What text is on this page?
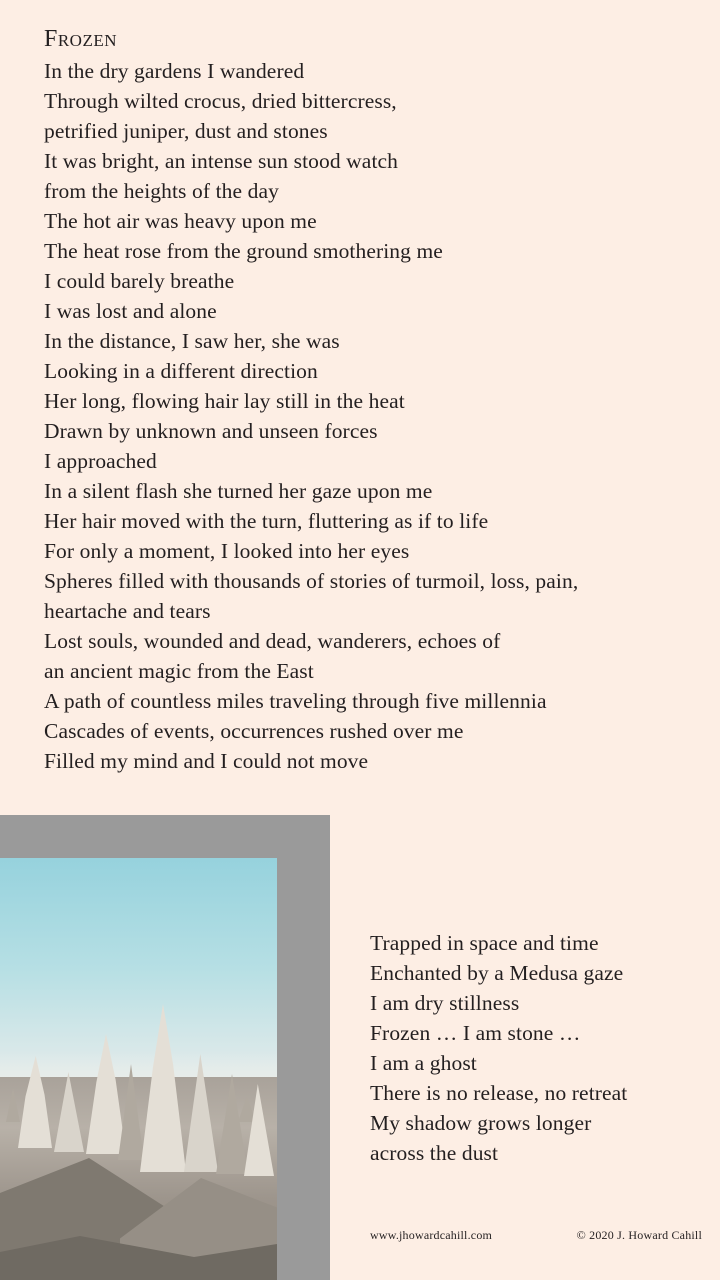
Frozen
In the dry gardens I wandered
Through wilted crocus, dried bittercress,
petrified juniper, dust and stones
It was bright, an intense sun stood watch
from the heights of the day
The hot air was heavy upon me
The heat rose from the ground smothering me
I could barely breathe
I was lost and alone
In the distance, I saw her, she was
Looking in a different direction
Her long, flowing hair lay still in the heat
Drawn by unknown and unseen forces
I approached
In a silent flash she turned her gaze upon me
Her hair moved with the turn, fluttering as if to life
For only a moment, I looked into her eyes
Spheres filled with thousands of stories of turmoil, loss, pain,
heartache and tears
Lost souls, wounded and dead, wanderers, echoes of
an ancient magic from the East
A path of countless miles traveling through five millennia
Cascades of events, occurrences rushed over me
Filled my mind and I could not move
Trapped in space and time
Enchanted by a Medusa gaze
I am dry stillness
Frozen … I am stone …
I am a ghost
There is no release, no retreat
My shadow grows longer
across the dust
www.jhowardcahill.com	© 2020 J. Howard Cahill
